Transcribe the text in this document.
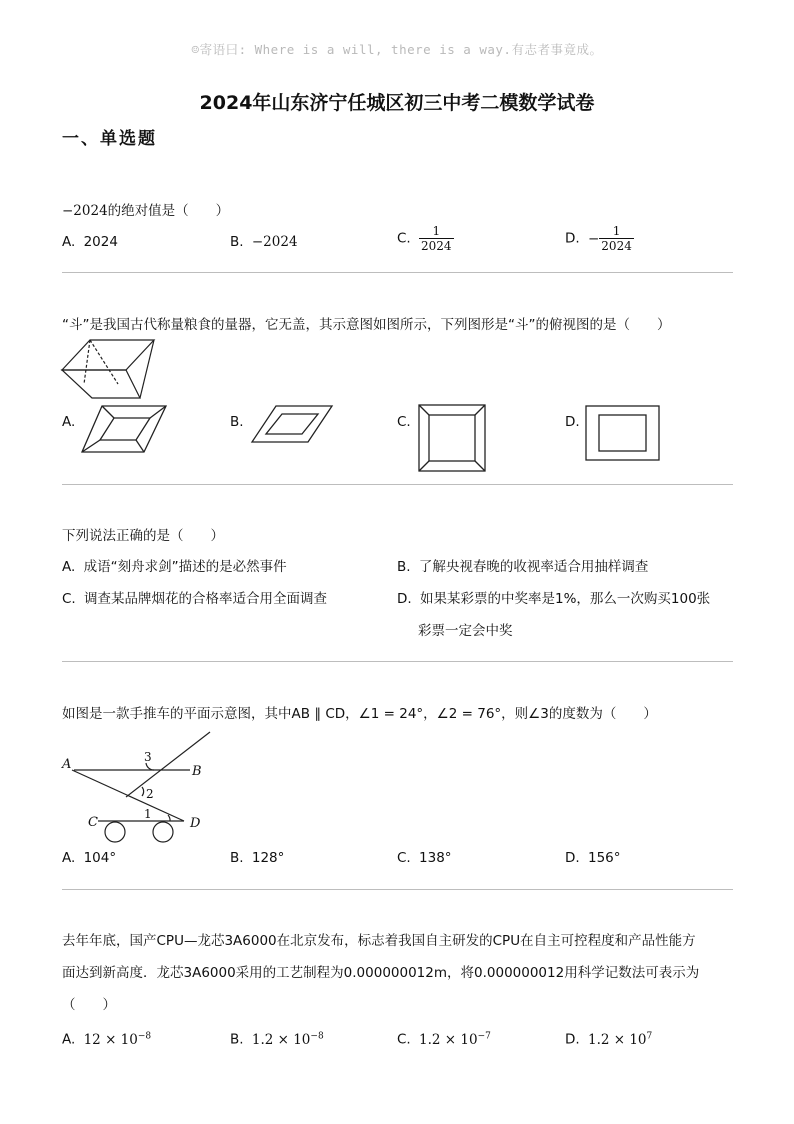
☺寄语曰: Where is a will, there is a way.有志者事竟成。
2024年山东济宁任城区初三中考二模数学试卷
一、单选题
−2024的绝对值是（　　）
A. 2024	B. −2024	C. $\frac{1}{2024}$	D. − $\frac{1}{2024}$
“斗”是我国古代称量粮食的量器，它无盖，其示意图如图所示，下列图形是“斗”的俯视图的是（　　）
A.	B.	C.	D.
下列说法正确的是（　　）
A. 成语“刻舟求剑”描述的是必然事件	B. 了解央视春晚的收视率适合用抽样调查
C. 调查某品牌烟花的合格率适合用全面调查	D. 如果某彩票的中奖率是1%，那么一次购买100张
彩票一定会中奖
如图是一款手推车的平面示意图，其中AB ∥ CD，∠1 = 24°，∠2 = 76°，则∠3的度数为（　　）
A	B
C	D
3
2
1
A. 104°	B. 128°	C. 138°	D. 156°
去年年底，国产CPU—龙芯3A6000在北京发布，标志着我国自主研发的CPU在自主可控程度和产品性能方
面达到新高度．龙芯3A6000采用的工艺制程为0.000000012m，将0.000000012用科学记数法可表示为
（　　）
A. $12 \times 10^{-8}$	B. $1.2 \times 10^{-8}$	C. $1.2 \times 10^{-7}$	D. $1.2 \times 10^7$
